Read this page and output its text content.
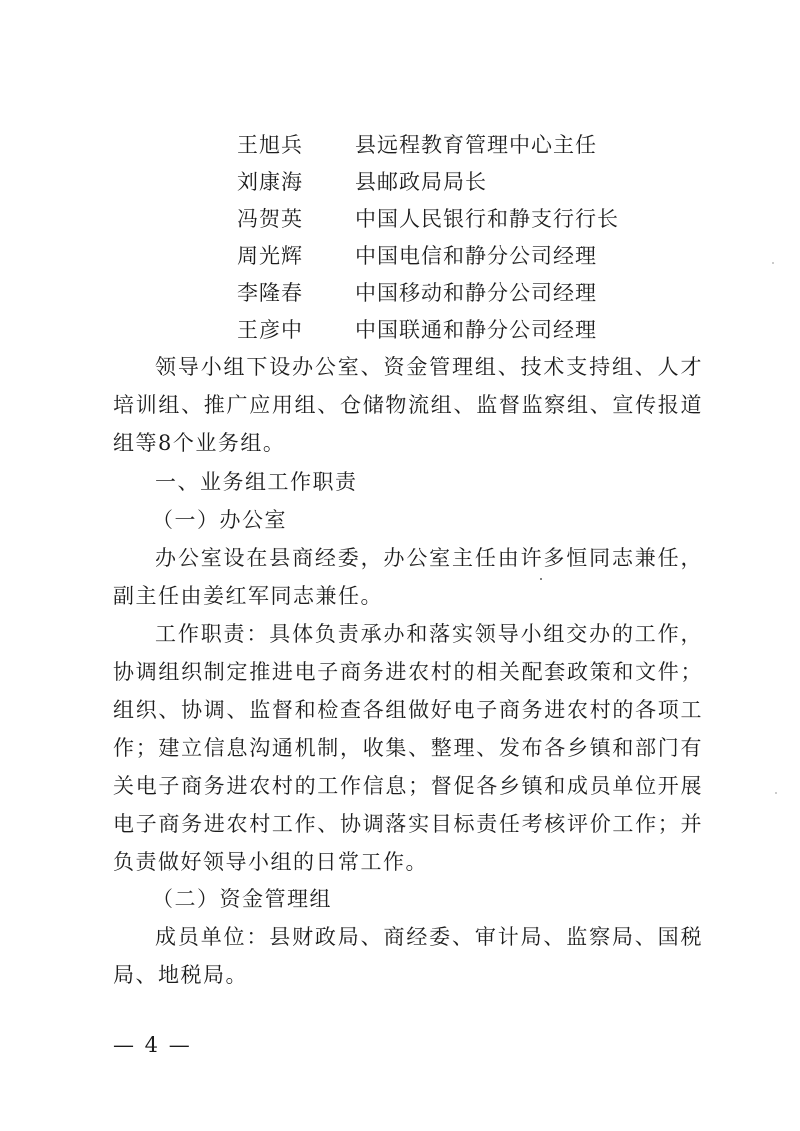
王旭兵	县远程教育管理中心主任
刘康海	县邮政局局长
冯贺英	中国人民银行和静支行行长
周光辉	中国电信和静分公司经理
李隆春	中国移动和静分公司经理
王彦中	中国联通和静分公司经理

领导小组下设办公室、资金管理组、技术支持组、人才培训组、推广应用组、仓储物流组、监督监察组、宣传报道组等8个业务组。

一、业务组工作职责

（一）办公室

办公室设在县商经委，办公室主任由许多恒同志兼任，副主任由姜红军同志兼任。

工作职责：具体负责承办和落实领导小组交办的工作，协调组织制定推进电子商务进农村的相关配套政策和文件；组织、协调、监督和检查各组做好电子商务进农村的各项工作；建立信息沟通机制，收集、整理、发布各乡镇和部门有关电子商务进农村的工作信息；督促各乡镇和成员单位开展电子商务进农村工作、协调落实目标责任考核评价工作；并负责做好领导小组的日常工作。

（二）资金管理组

成员单位：县财政局、商经委、审计局、监察局、国税局、地税局。

— 4 —
